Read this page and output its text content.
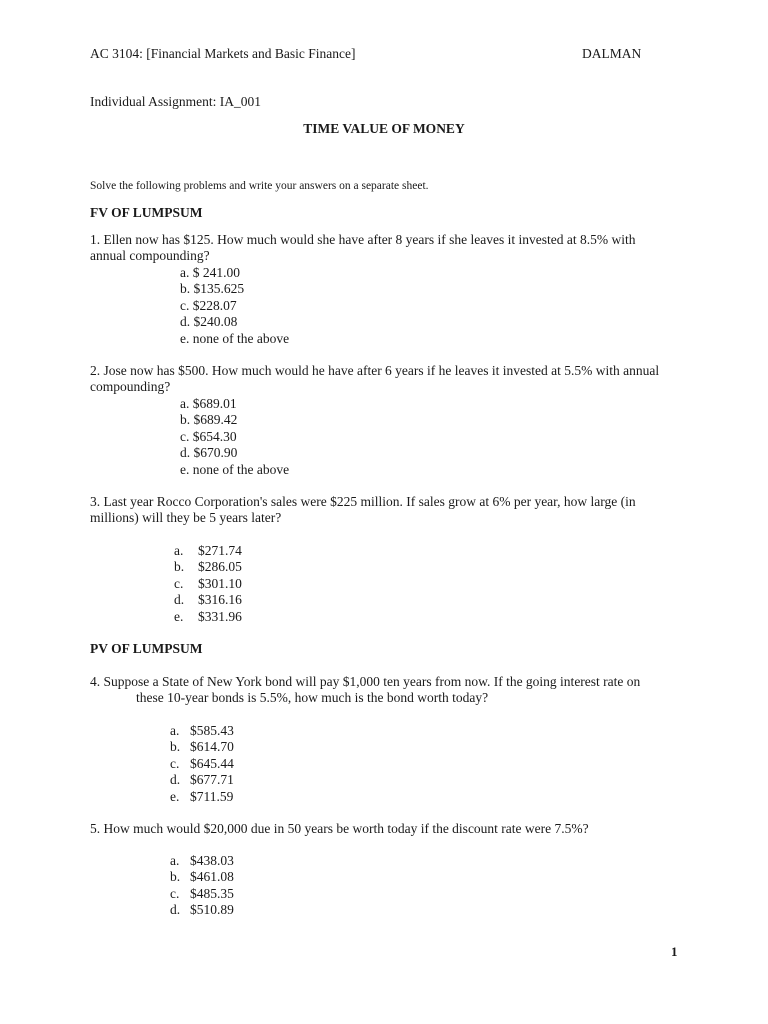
AC 3104: [Financial Markets and Basic Finance]	DALMAN
Individual Assignment: IA_001
TIME VALUE OF MONEY
Solve the following problems and write your answers on a separate sheet.
FV OF LUMPSUM
1. Ellen now has $125. How much would she have after 8 years if she leaves it invested at 8.5% with
annual compounding?
a. $ 241.00
b. $135.625
c. $228.07
d. $240.08
e. none of the above
2. Jose now has $500. How much would he have after 6 years if he leaves it invested at 5.5% with annual
compounding?
a. $689.01
b. $689.42
c. $654.30
d. $670.90
e. none of the above
3. Last year Rocco Corporation's sales were $225 million. If sales grow at 6% per year, how large (in
millions) will they be 5 years later?
a. $271.74
b. $286.05
c. $301.10
d. $316.16
e. $331.96
PV OF LUMPSUM
4. Suppose a State of New York bond will pay $1,000 ten years from now. If the going interest rate on
these 10-year bonds is 5.5%, how much is the bond worth today?
a. $585.43
b. $614.70
c. $645.44
d. $677.71
e. $711.59
5. How much would $20,000 due in 50 years be worth today if the discount rate were 7.5%?
a. $438.03
b. $461.08
c. $485.35
d. $510.89
1
